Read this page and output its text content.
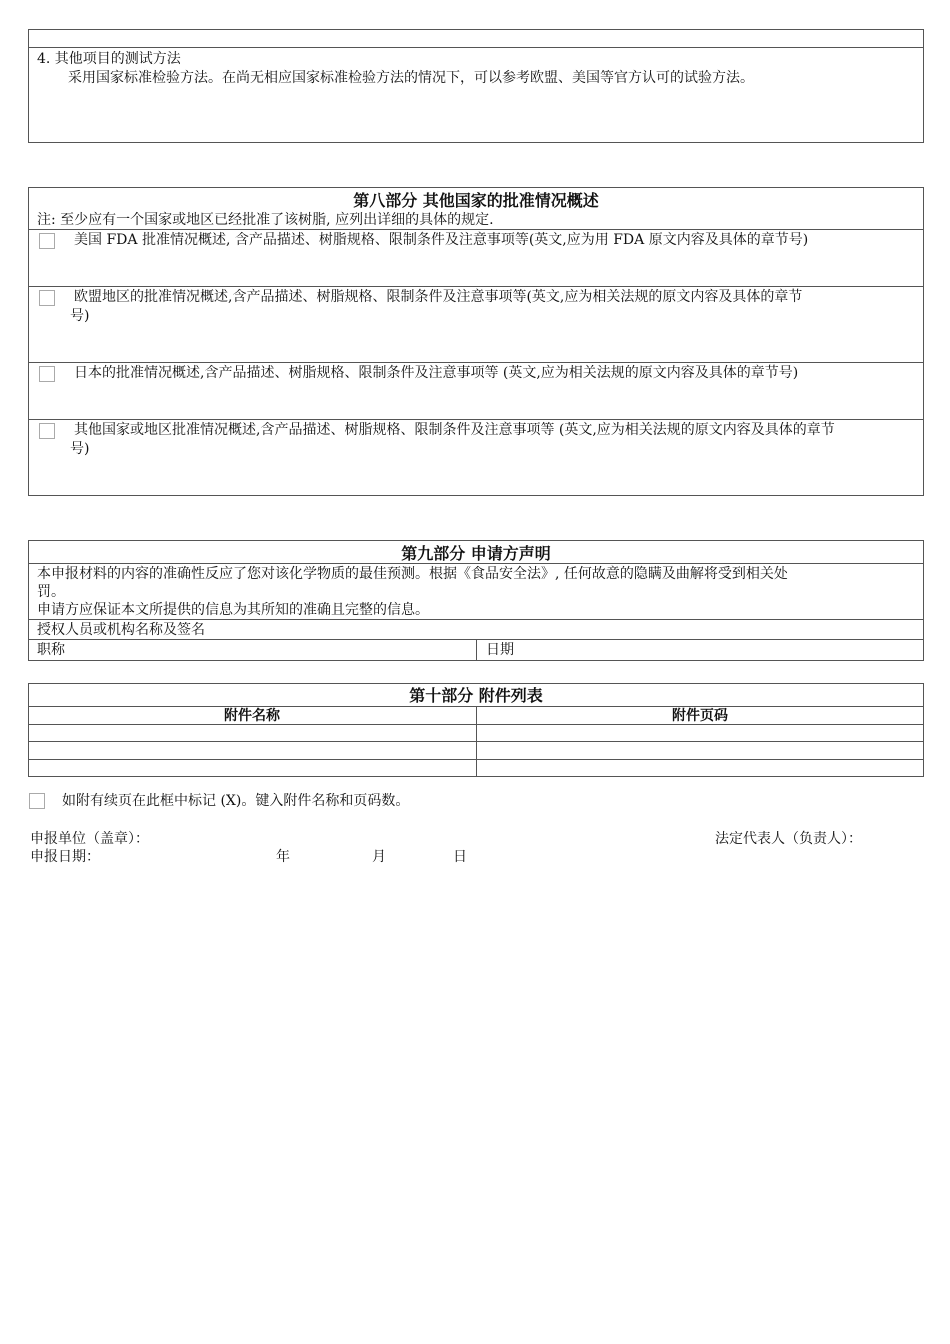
4. 其他项目的测试方法
采用国家标准检验方法。在尚无相应国家标准检验方法的情况下，可以参考欧盟、美国等官方认可的试验方法。
第八部分 其他国家的批准情况概述
注: 至少应有一个国家或地区已经批准了该树脂, 应列出详细的具体的规定.
美国 FDA 批准情况概述, 含产品描述、树脂规格、限制条件及注意事项等(英文,应为用 FDA 原文内容及具体的章节号)
欧盟地区的批准情况概述,含产品描述、树脂规格、限制条件及注意事项等(英文,应为相关法规的原文内容及具体的章节
号)
日本的批准情况概述,含产品描述、树脂规格、限制条件及注意事项等 (英文,应为相关法规的原文内容及具体的章节号)
其他国家或地区批准情况概述,含产品描述、树脂规格、限制条件及注意事项等 (英文,应为相关法规的原文内容及具体的章节
号)
第九部分 申请方声明
本申报材料的内容的准确性反应了您对该化学物质的最佳预测。根据《食品安全法》, 任何故意的隐瞒及曲解将受到相关处
罚。
申请方应保证本文所提供的信息为其所知的准确且完整的信息。
授权人员或机构名称及签名
职称	日期
第十部分 附件列表
附件名称	附件页码
如附有续页在此框中标记 (X)。键入附件名称和页码数。
申报单位（盖章）：	法定代表人（负责人）：
申报日期：	年	月	日
